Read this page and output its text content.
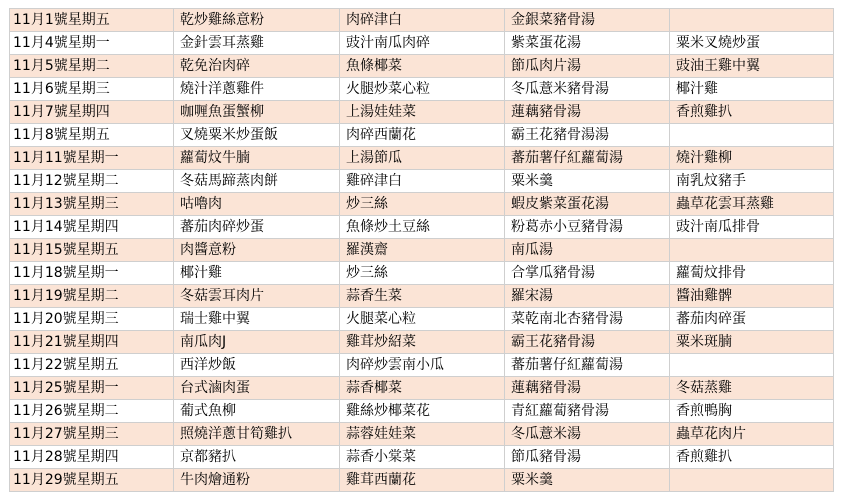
11月1號星期五	乾炒雞絲意粉	肉碎津白	金銀菜豬骨湯	
11月4號星期一	金針雲耳蒸雞	豉汁南瓜肉碎	紫菜蛋花湯	粟米叉燒炒蛋
11月5號星期二	乾免治肉碎	魚條椰菜	節瓜肉片湯	豉油王雞中翼
11月6號星期三	燒汁洋蔥雞件	火腿炒菜心粒	冬瓜薏米豬骨湯	椰汁雞
11月7號星期四	咖喱魚蛋蟹柳	上湯娃娃菜	蓮藕豬骨湯	香煎雞扒
11月8號星期五	叉燒粟米炒蛋飯	肉碎西蘭花	霸王花豬骨湯湯	
11月11號星期一	蘿蔔炆牛腩	上湯節瓜	蕃茄薯仔紅蘿蔔湯	燒汁雞柳
11月12號星期二	冬菇馬蹄蒸肉餅	雞碎津白	粟米羹	南乳炆豬手
11月13號星期三	咕嚕肉	炒三絲	蝦皮紫菜蛋花湯	蟲草花雲耳蒸雞
11月14號星期四	蕃茄肉碎炒蛋	魚條炒土豆絲	粉葛赤小豆豬骨湯	豉汁南瓜排骨
11月15號星期五	肉醬意粉	羅漢齋	南瓜湯	
11月18號星期一	椰汁雞	炒三絲	合掌瓜豬骨湯	蘿蔔炆排骨
11月19號星期二	冬菇雲耳肉片	蒜香生菜	羅宋湯	醬油雞髀
11月20號星期三	瑞士雞中翼	火腿菜心粒	菜乾南北杏豬骨湯	蕃茄肉碎蛋
11月21號星期四	南瓜肉J	雞茸炒紹菜	霸王花豬骨湯	粟米斑腩
11月22號星期五	西洋炒飯	肉碎炒雲南小瓜	蕃茄薯仔紅蘿蔔湯	
11月25號星期一	台式滷肉蛋	蒜香椰菜	蓮藕豬骨湯	冬菇蒸雞
11月26號星期二	葡式魚柳	雞絲炒椰菜花	青紅蘿蔔豬骨湯	香煎鴨胸
11月27號星期三	照燒洋蔥甘筍雞扒	蒜蓉娃娃菜	冬瓜薏米湯	蟲草花肉片
11月28號星期四	京都豬扒	蒜香小棠菜	節瓜豬骨湯	香煎雞扒
11月29號星期五	牛肉燴通粉	雞茸西蘭花	粟米羹	
